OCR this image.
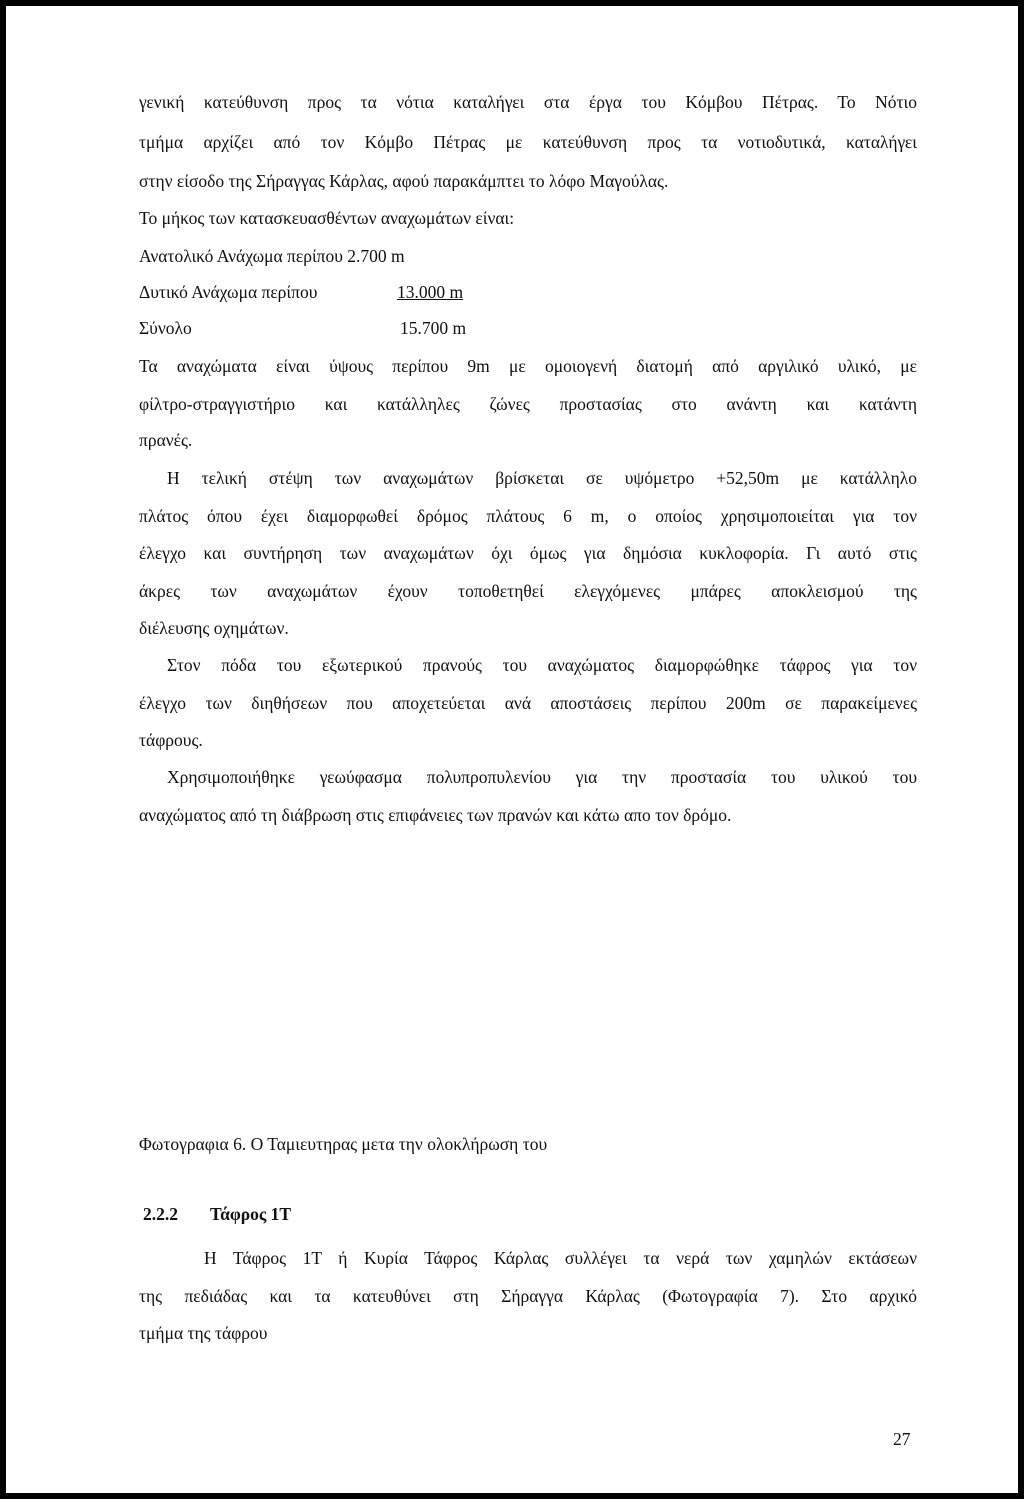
γενική κατεύθυνση προς τα νότια καταλήγει στα έργα του Κόμβου Πέτρας. Το Νότιο
τμήμα αρχίζει από τον Κόμβο Πέτρας με κατεύθυνση προς τα νοτιοδυτικά, καταλήγει
στην είσοδο της Σήραγγας Κάρλας, αφού παρακάμπτει το λόφο Μαγούλας.
Το μήκος των κατασκευασθέντων αναχωμάτων είναι:
Ανατολικό Ανάχωμα περίπου 2.700 m
Δυτικό Ανάχωμα περίπου	13.000 m
Σύνολο	15.700 m
Τα αναχώματα είναι ύψους περίπου 9m με ομοιογενή διατομή από αργιλικό υλικό, με
φίλτρο-στραγγιστήριο και κατάλληλες ζώνες προστασίας στο ανάντη και κατάντη
πρανές.
Η τελική στέψη των αναχωμάτων βρίσκεται σε υψόμετρο +52,50m με κατάλληλο
πλάτος όπου έχει διαμορφωθεί δρόμος πλάτους 6 m, ο οποίος χρησιμοποιείται για τον
έλεγχο και συντήρηση των αναχωμάτων όχι όμως για δημόσια κυκλοφορία. Γι αυτό στις
άκρες των αναχωμάτων έχουν τοποθετηθεί ελεγχόμενες μπάρες αποκλεισμού της
διέλευσης οχημάτων.
Στον πόδα του εξωτερικού πρανούς του αναχώματος διαμορφώθηκε τάφρος για τον
έλεγχο των διηθήσεων που αποχετεύεται ανά αποστάσεις περίπου 200m σε παρακείμενες
τάφρους.
Χρησιμοποιήθηκε γεωύφασμα πολυπροπυλενίου για την προστασία του υλικού του
αναχώματος από τη διάβρωση στις επιφάνειες των πρανών και κάτω απο τον δρόμο.
Φωτογραφια 6. Ο Ταμιευτηρας μετα την ολοκλήρωση του
2.2.2 Τάφρος 1Τ
Η Τάφρος 1Τ ή Κυρία Τάφρος Κάρλας συλλέγει τα νερά των χαμηλών εκτάσεων
της πεδιάδας και τα κατευθύνει στη Σήραγγα Κάρλας (Φωτογραφία 7). Στο αρχικό
τμήμα της τάφρου
27
